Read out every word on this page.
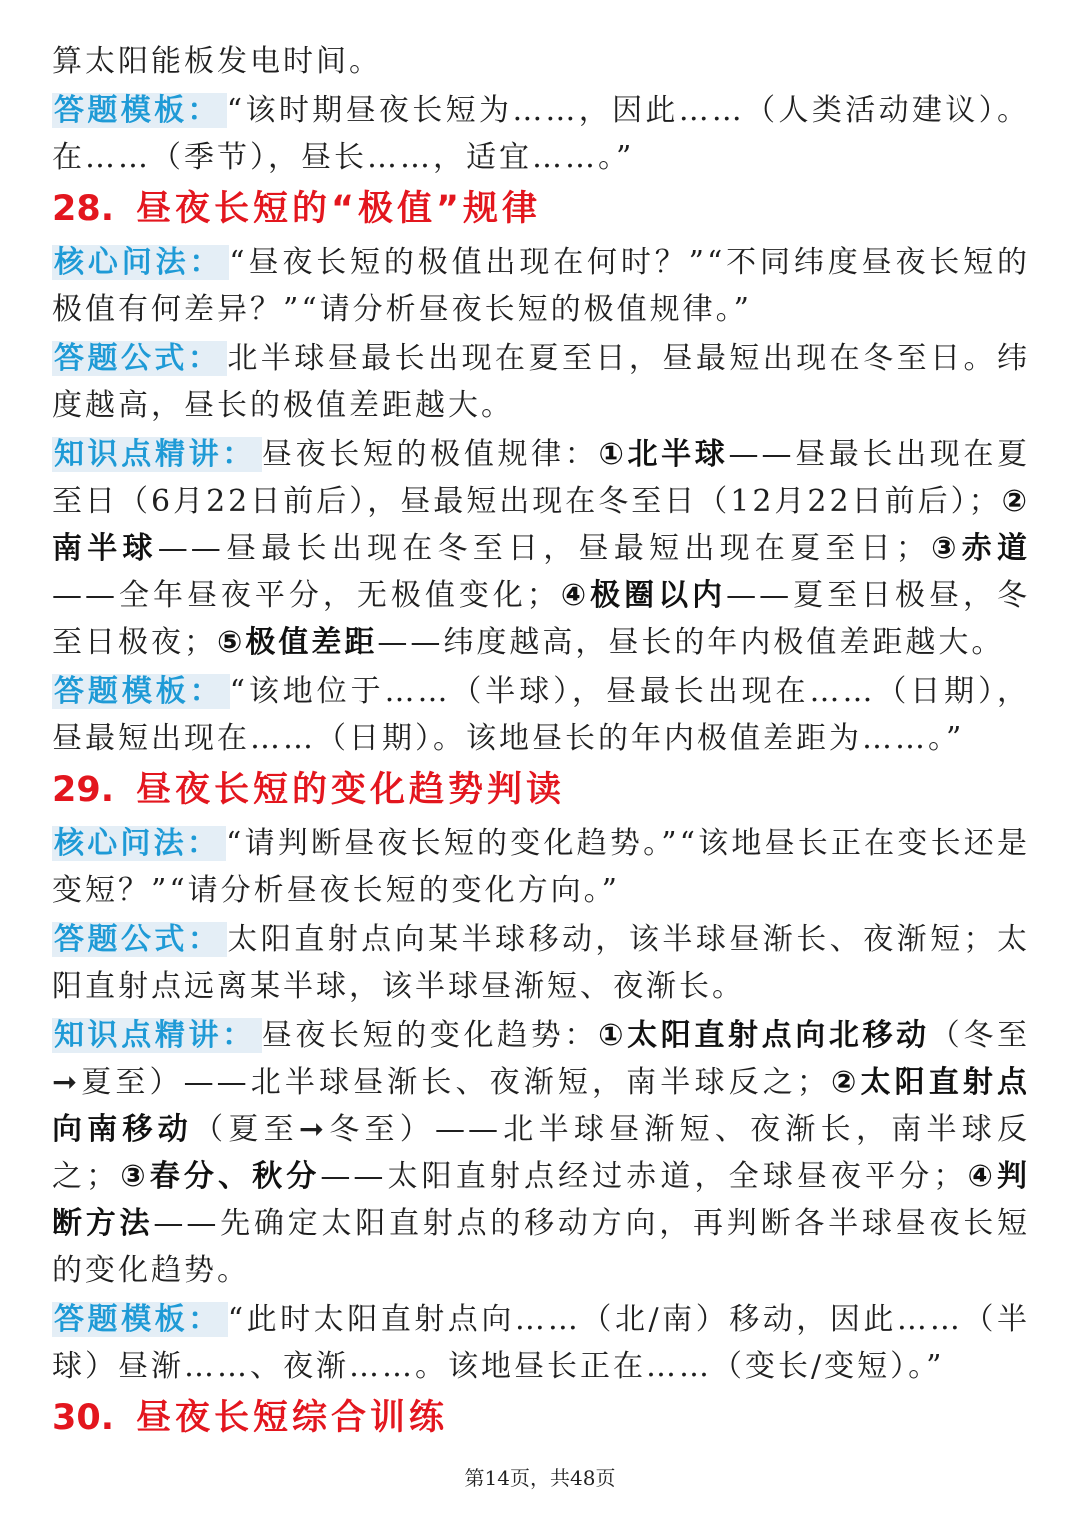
算太阳能板发电时间。

答题模板： “该时期昼夜长短为……，因此……（人类活动建议）。在……（季节），昼长……，适宜……。”

28. 昼夜长短的“极值”规律

核心问法： “昼夜长短的极值出现在何时？”“不同纬度昼夜长短的极值有何差异？”“请分析昼夜长短的极值规律。”

答题公式： 北半球昼最长出现在夏至日，昼最短出现在冬至日。纬度越高，昼长的极值差距越大。

知识点精讲： 昼夜长短的极值规律：①北半球——昼最长出现在夏至日（6月22日前后），昼最短出现在冬至日（12月22日前后）；②南半球——昼最长出现在冬至日，昼最短出现在夏至日；③赤道——全年昼夜平分，无极值变化；④极圈以内——夏至日极昼，冬至日极夜；⑤极值差距——纬度越高，昼长的年内极值差距越大。

答题模板： “该地位于……（半球），昼最长出现在……（日期），昼最短出现在……（日期）。该地昼长的年内极值差距为……。”

29. 昼夜长短的变化趋势判读

核心问法： “请判断昼夜长短的变化趋势。”“该地昼长正在变长还是变短？”“请分析昼夜长短的变化方向。”

答题公式： 太阳直射点向某半球移动，该半球昼渐长、夜渐短；太阳直射点远离某半球，该半球昼渐短、夜渐长。

知识点精讲： 昼夜长短的变化趋势：①太阳直射点向北移动（冬至➞夏至）——北半球昼渐长、夜渐短，南半球反之；②太阳直射点向南移动（夏至➞冬至）——北半球昼渐短、夜渐长，南半球反之；③春分、秋分——太阳直射点经过赤道，全球昼夜平分；④判断方法——先确定太阳直射点的移动方向，再判断各半球昼夜长短的变化趋势。

答题模板： “此时太阳直射点向……（北/南）移动，因此……（半球）昼渐……、夜渐……。该地昼长正在……（变长/变短）。”

30. 昼夜长短综合训练
第14页，共48页
